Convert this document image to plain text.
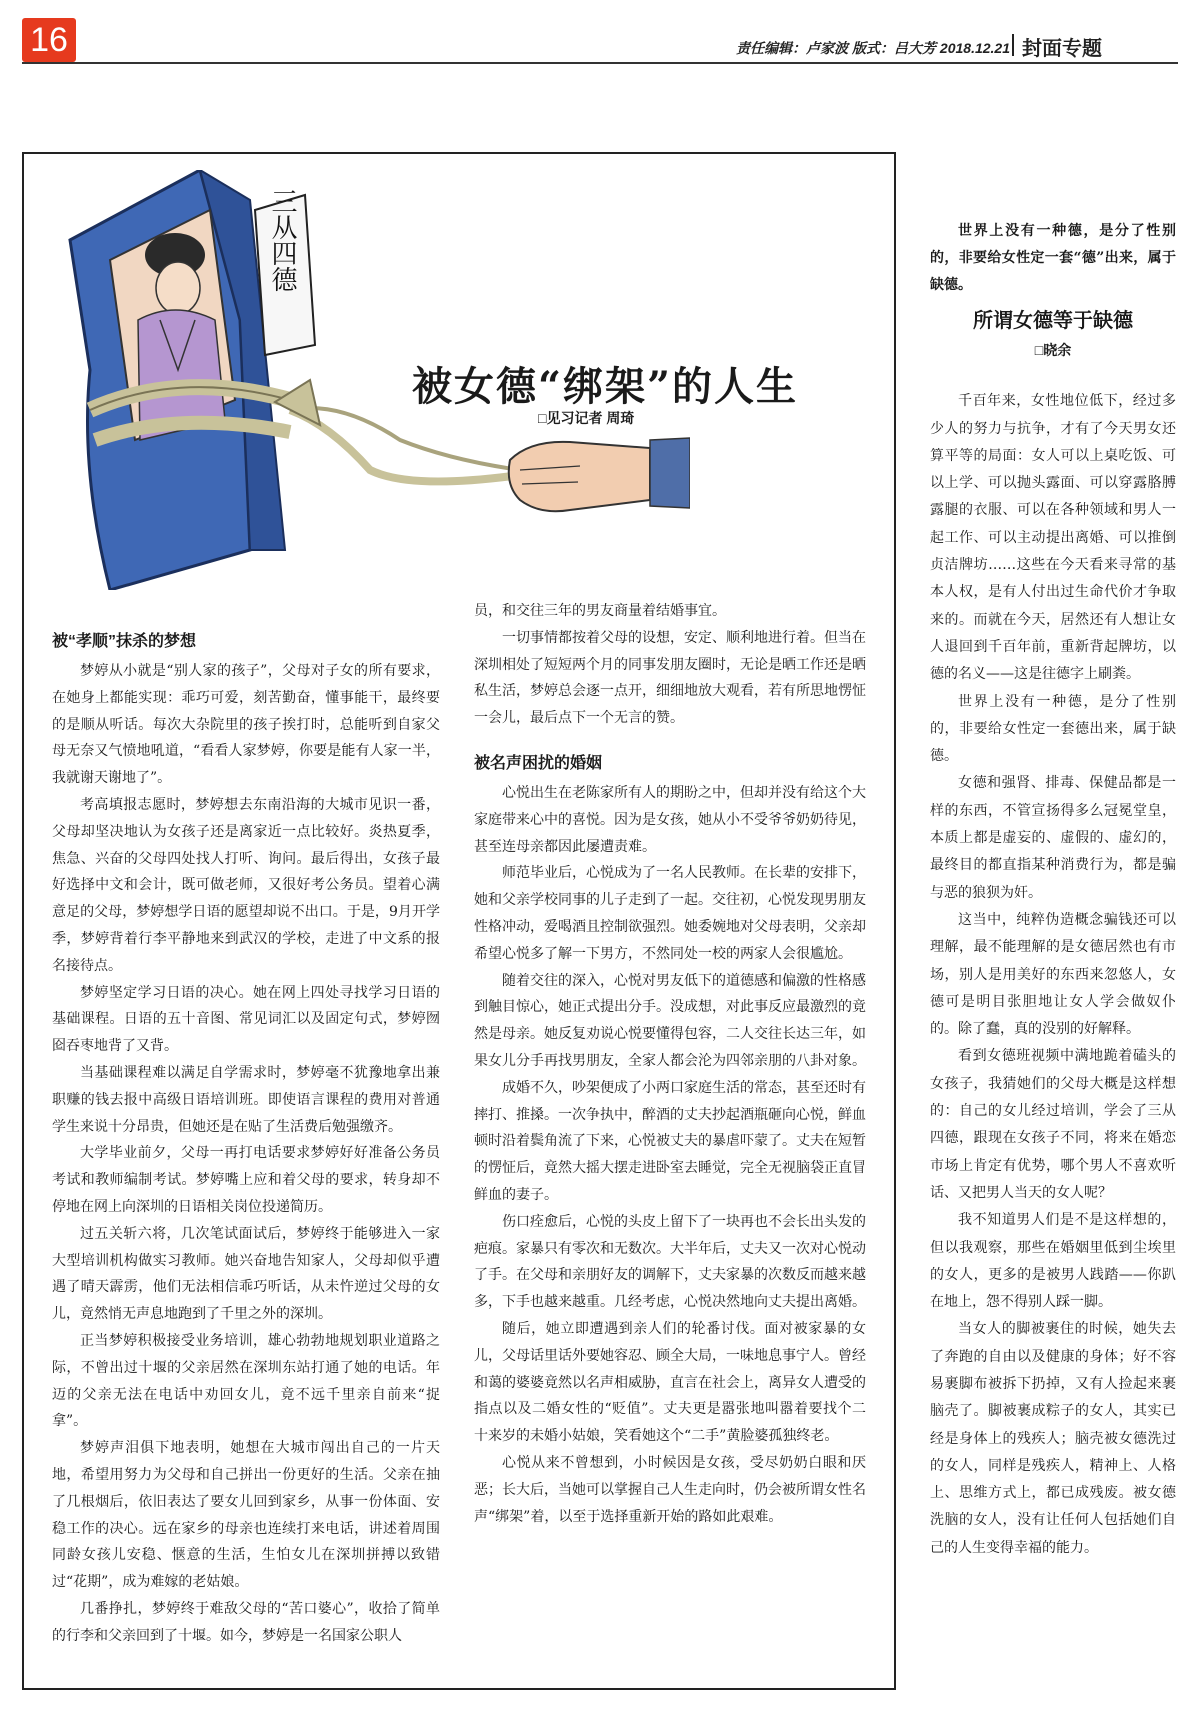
16	责任编辑：卢家波 版式：吕大芳 2018.12.21 封面专题
三从四德
被女德“绑架”的人生
□见习记者 周琦
被“孝顺”抹杀的梦想

梦婷从小就是“别人家的孩子”，父母对子女的所有要求，在她身上都能实现：乖巧可爱，刻苦勤奋，懂事能干，最终要的是顺从听话。每次大杂院里的孩子挨打时，总能听到自家父母无奈又气愤地吼道，“看看人家梦婷，你要是能有人家一半，我就谢天谢地了”。

考高填报志愿时，梦婷想去东南沿海的大城市见识一番，父母却坚决地认为女孩子还是离家近一点比较好。炎热夏季，焦急、兴奋的父母四处找人打听、询问。最后得出，女孩子最好选择中文和会计，既可做老师，又很好考公务员。望着心满意足的父母，梦婷想学日语的愿望却说不出口。于是，9月开学季，梦婷背着行李平静地来到武汉的学校，走进了中文系的报名接待点。

梦婷坚定学习日语的决心。她在网上四处寻找学习日语的基础课程。日语的五十音图、常见词汇以及固定句式，梦婷囫囵吞枣地背了又背。

当基础课程难以满足自学需求时，梦婷毫不犹豫地拿出兼职赚的钱去报中高级日语培训班。即使语言课程的费用对普通学生来说十分昂贵，但她还是在贴了生活费后勉强缴齐。

大学毕业前夕，父母一再打电话要求梦婷好好准备公务员考试和教师编制考试。梦婷嘴上应和着父母的要求，转身却不停地在网上向深圳的日语相关岗位投递简历。

过五关斩六将，几次笔试面试后，梦婷终于能够进入一家大型培训机构做实习教师。她兴奋地告知家人，父母却似乎遭遇了晴天霹雳，他们无法相信乖巧听话，从未忤逆过父母的女儿，竟然悄无声息地跑到了千里之外的深圳。

正当梦婷积极接受业务培训，雄心勃勃地规划职业道路之际，不曾出过十堰的父亲居然在深圳东站打通了她的电话。年迈的父亲无法在电话中劝回女儿，竟不远千里亲自前来“捉拿”。

梦婷声泪俱下地表明，她想在大城市闯出自己的一片天地，希望用努力为父母和自己拼出一份更好的生活。父亲在抽了几根烟后，依旧表达了要女儿回到家乡，从事一份体面、安稳工作的决心。远在家乡的母亲也连续打来电话，讲述着周围同龄女孩儿安稳、惬意的生活，生怕女儿在深圳拼搏以致错过“花期”，成为难嫁的老姑娘。

几番挣扎，梦婷终于难敌父母的“苦口婆心”，收拾了简单的行李和父亲回到了十堰。如今，梦婷是一名国家公职人

员，和交往三年的男友商量着结婚事宜。

一切事情都按着父母的设想，安定、顺利地进行着。但当在深圳相处了短短两个月的同事发朋友圈时，无论是晒工作还是晒私生活，梦婷总会逐一点开，细细地放大观看，若有所思地愣怔一会儿，最后点下一个无言的赞。

被名声困扰的婚姻

心悦出生在老陈家所有人的期盼之中，但却并没有给这个大家庭带来心中的喜悦。因为是女孩，她从小不受爷爷奶奶待见，甚至连母亲都因此屡遭责难。

师范毕业后，心悦成为了一名人民教师。在长辈的安排下，她和父亲学校同事的儿子走到了一起。交往初，心悦发现男朋友性格冲动，爱喝酒且控制欲强烈。她委婉地对父母表明，父亲却希望心悦多了解一下男方，不然同处一校的两家人会很尴尬。

随着交往的深入，心悦对男友低下的道德感和偏激的性格感到触目惊心，她正式提出分手。没成想，对此事反应最激烈的竟然是母亲。她反复劝说心悦要懂得包容，二人交往长达三年，如果女儿分手再找男朋友，全家人都会沦为四邻亲朋的八卦对象。

成婚不久，吵架便成了小两口家庭生活的常态，甚至还时有摔打、推搡。一次争执中，醉酒的丈夫抄起酒瓶砸向心悦，鲜血顿时沿着鬓角流了下来，心悦被丈夫的暴虐吓蒙了。丈夫在短暂的愣怔后，竟然大摇大摆走进卧室去睡觉，完全无视脑袋正直冒鲜血的妻子。

伤口痊愈后，心悦的头皮上留下了一块再也不会长出头发的疤痕。家暴只有零次和无数次。大半年后，丈夫又一次对心悦动了手。在父母和亲朋好友的调解下，丈夫家暴的次数反而越来越多，下手也越来越重。几经考虑，心悦决然地向丈夫提出离婚。

随后，她立即遭遇到亲人们的轮番讨伐。面对被家暴的女儿，父母话里话外要她容忍、顾全大局，一味地息事宁人。曾经和蔼的婆婆竟然以名声相威胁，直言在社会上，离异女人遭受的指点以及二婚女性的“贬值”。丈夫更是嚣张地叫嚣着要找个二十来岁的未婚小姑娘，笑看她这个“二手”黄脸婆孤独终老。

心悦从来不曾想到，小时候因是女孩，受尽奶奶白眼和厌恶；长大后，当她可以掌握自己人生走向时，仍会被所谓女性名声“绑架”着，以至于选择重新开始的路如此艰难。

世界上没有一种德，是分了性别的，非要给女性定一套“德”出来，属于缺德。

所谓女德等于缺德
□晓余

千百年来，女性地位低下，经过多少人的努力与抗争，才有了今天男女还算平等的局面：女人可以上桌吃饭、可以上学、可以抛头露面、可以穿露胳膊露腿的衣服、可以在各种领域和男人一起工作、可以主动提出离婚、可以推倒贞洁牌坊……这些在今天看来寻常的基本人权，是有人付出过生命代价才争取来的。而就在今天，居然还有人想让女人退回到千百年前，重新背起牌坊，以德的名义——这是往德字上刷粪。

世界上没有一种德，是分了性别的，非要给女性定一套德出来，属于缺德。

女德和强肾、排毒、保健品都是一样的东西，不管宣扬得多么冠冕堂皇，本质上都是虚妄的、虚假的、虚幻的，最终目的都直指某种消费行为，都是骗与恶的狼狈为奸。

这当中，纯粹伪造概念骗钱还可以理解，最不能理解的是女德居然也有市场，别人是用美好的东西来忽悠人，女德可是明目张胆地让女人学会做奴仆的。除了蠢，真的没别的好解释。

看到女德班视频中满地跪着磕头的女孩子，我猜她们的父母大概是这样想的：自己的女儿经过培训，学会了三从四德，跟现在女孩子不同，将来在婚恋市场上肯定有优势，哪个男人不喜欢听话、又把男人当天的女人呢？

我不知道男人们是不是这样想的，但以我观察，那些在婚姻里低到尘埃里的女人，更多的是被男人践踏——你趴在地上，怨不得别人踩一脚。

当女人的脚被裹住的时候，她失去了奔跑的自由以及健康的身体；好不容易裹脚布被拆下扔掉，又有人捡起来裹脑壳了。脚被裹成粽子的女人，其实已经是身体上的残疾人；脑壳被女德洗过的女人，同样是残疾人，精神上、人格上、思维方式上，都已成残废。被女德洗脑的女人，没有让任何人包括她们自己的人生变得幸福的能力。
